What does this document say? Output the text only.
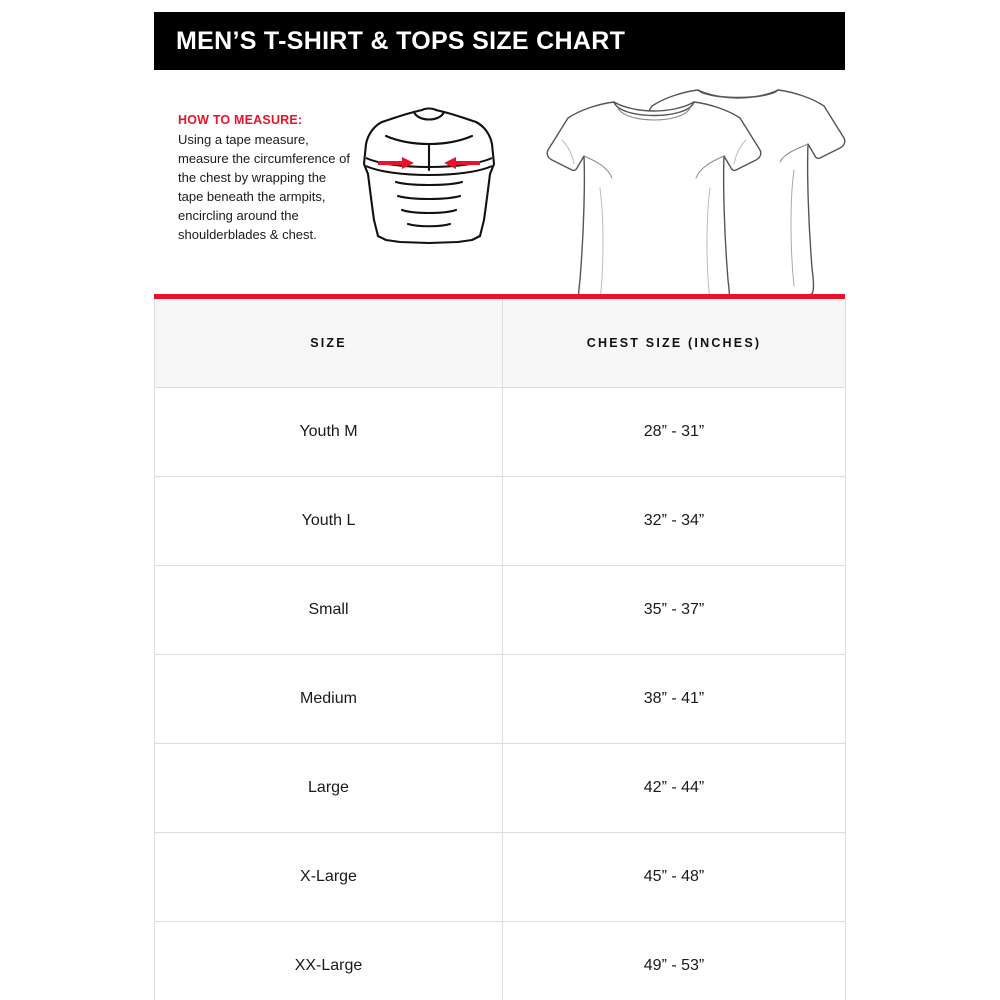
MEN’S T-SHIRT & TOPS SIZE CHART
HOW TO MEASURE:
Using a tape measure, measure the circumference of the chest by wrapping the tape beneath the armpits, encircling around the shoulderblades & chest.
SIZE	CHEST SIZE (INCHES)
Youth M	28” - 31”
Youth L	32” - 34”
Small	35” - 37”
Medium	38” - 41”
Large	42” - 44”
X-Large	45” - 48”
XX-Large	49” - 53”
